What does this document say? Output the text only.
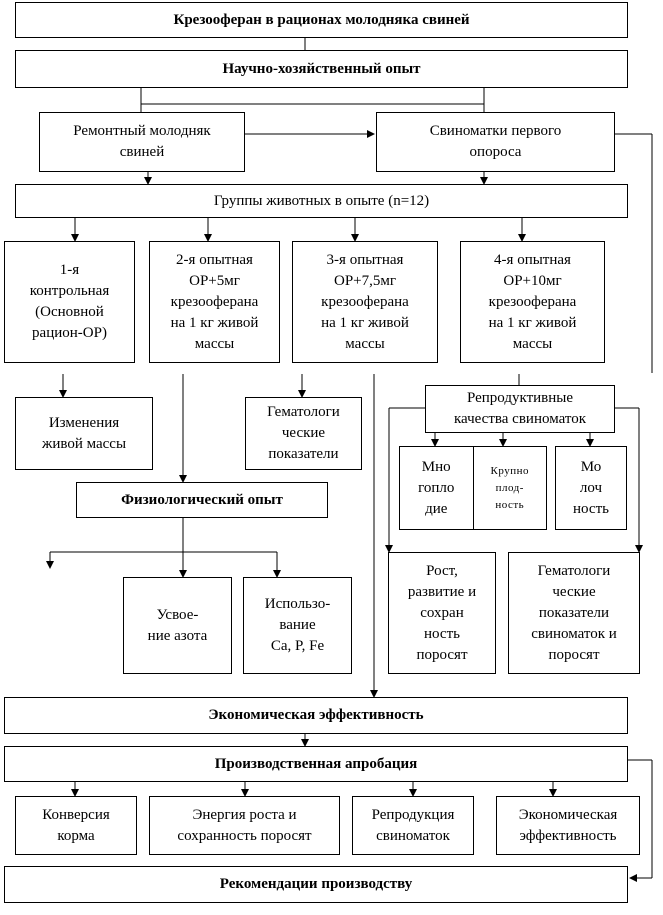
Крезооферан в рационах молодняка свиней
Научно-хозяйственный опыт
Ремонтный молодняк
свиней
Свиноматки первого
опороса
Группы животных в опыте (n=12)
1-я
контрольная
(Основной
рацион-ОР)
2-я опытная
ОР+5мг
крезооферана
на 1 кг живой
массы
3-я опытная
ОР+7,5мг
крезооферана
на 1 кг живой
массы
4-я опытная
ОР+10мг
крезооферана
на 1 кг живой
массы
Изменения
живой массы
Гематологи
ческие
показатели
Репродуктивные
качества свиноматок
Мно
гопло
дие
Крупно
плод-
ность
Мо
лоч
ность
Физиологический опыт
Усвое-
ние азота
Использо-
вание
Ca, P, Fe
Рост,
развитие и
сохран
ность
поросят
Гематологи
ческие
показатели
свиноматок и
поросят
Экономическая эффективность
Производственная апробация
Конверсия
корма
Энергия роста и
сохранность поросят
Репродукция
свиноматок
Экономическая
эффективность
Рекомендации производству
